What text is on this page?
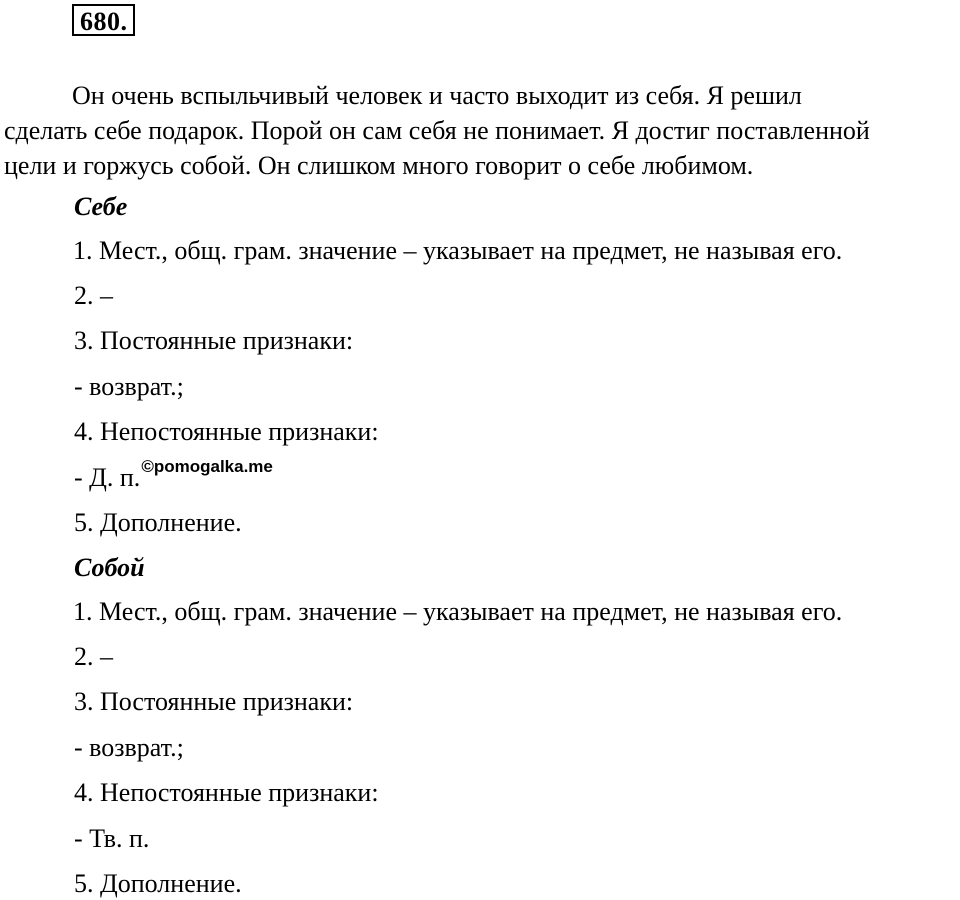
680.
Он очень вспыльчивый человек и часто выходит из себя. Я решил
сделать себе подарок. Порой он сам себя не понимает. Я достиг поставленной
цели и горжусь собой. Он слишком много говорит о себе любимом.
Себе
1. Мест., общ. грам. значение – указывает на предмет, не называя его.
2. –
3. Постоянные признаки:
- возврат.;
4. Непостоянные признаки:
- Д. п.$^{©pomogalka.me}$
5. Дополнение.
Собой
1. Мест., общ. грам. значение – указывает на предмет, не называя его.
2. –
3. Постоянные признаки:
- возврат.;
4. Непостоянные признаки:
- Тв. п.
5. Дополнение.
